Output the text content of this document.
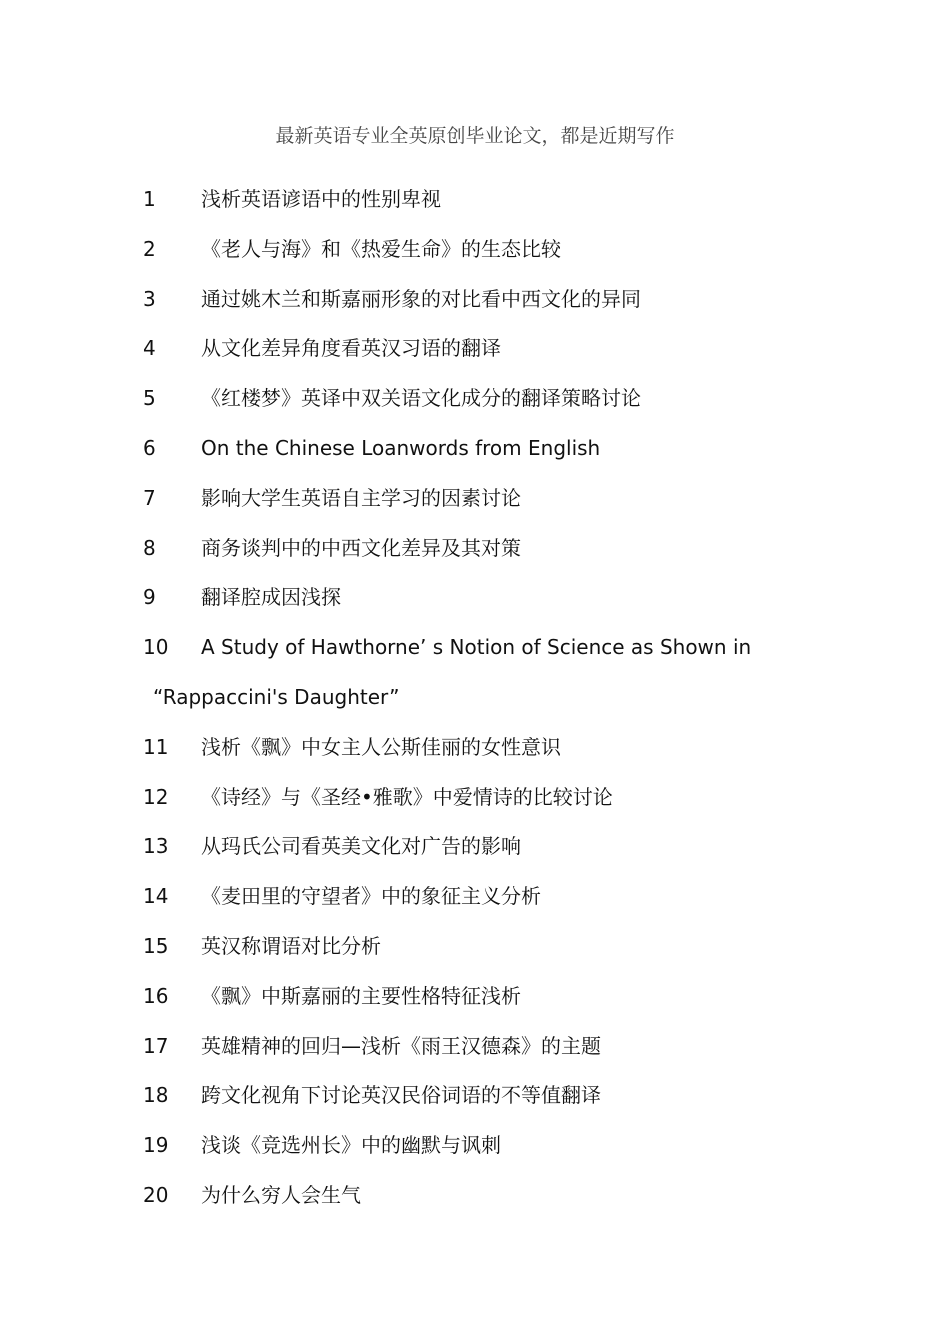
最新英语专业全英原创毕业论文，都是近期写作
1	浅析英语谚语中的性别卑视
2	《老人与海》和《热爱生命》的生态比较
3	通过姚木兰和斯嘉丽形象的对比看中西文化的异同
4	从文化差异角度看英汉习语的翻译
5	《红楼梦》英译中双关语文化成分的翻译策略讨论
6	On the Chinese Loanwords from English
7	影响大学生英语自主学习的因素讨论
8	商务谈判中的中西文化差异及其对策
9	翻译腔成因浅探
10	A Study of Hawthorne’ s Notion of Science as Shown in
“Rappaccini's Daughter”
11	浅析《飘》中女主人公斯佳丽的女性意识
12	《诗经》与《圣经•雅歌》中爱情诗的比较讨论
13	从玛氏公司看英美文化对广告的影响
14	《麦田里的守望者》中的象征主义分析
15	英汉称谓语对比分析
16	《飘》中斯嘉丽的主要性格特征浅析
17	英雄精神的回归—浅析《雨王汉德森》的主题
18	跨文化视角下讨论英汉民俗词语的不等值翻译
19	浅谈《竞选州长》中的幽默与讽刺
20	为什么穷人会生气
